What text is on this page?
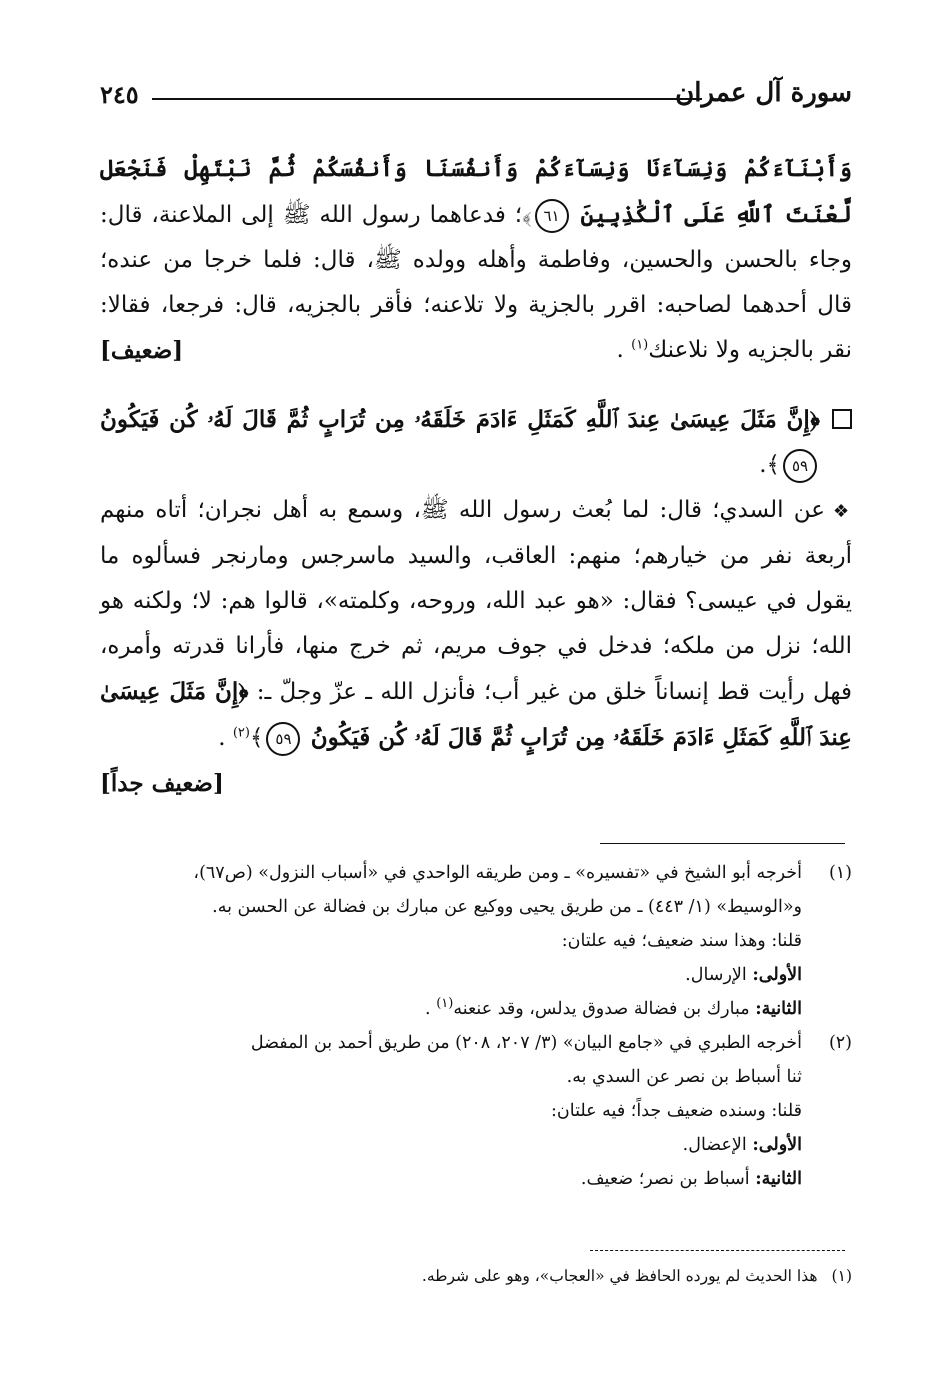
سورة آل عمران
٢٤٥

وَأَبْنَآءَكُمْ وَنِسَآءَنَا وَنِسَآءَكُمْ وَأَنفُسَنَا وَأَنفُسَكُمْ ثُمَّ نَبْتَهِلْ فَنَجْعَل لَّعْنَتَ ٱللَّهِ عَلَى ٱلْكَٰذِبِينَ ٦١﴾؛ فدعاهما رسول الله ﷺ إلى الملاعنة، قال: وجاء بالحسن والحسين، وفاطمة وأهله وولده ﷺ، قال: فلما خرجا من عنده؛ قال أحدهما لصاحبه: اقرر بالجزية ولا تلاعنه؛ فأقر بالجزيه، قال: فرجعا، فقالا: نقر بالجزيه ولا نلاعنك$^{(١)}$ .
[ضعيف]

﴿إِنَّ مَثَلَ عِيسَىٰ عِندَ ٱللَّهِ كَمَثَلِ ءَادَمَ خَلَقَهُۥ مِن تُرَابٍ ثُمَّ قَالَ لَهُۥ كُن فَيَكُونُ ٥٩﴾.

❖عن السدي؛ قال: لما بُعث رسول الله ﷺ، وسمع به أهل نجران؛ أتاه منهم أربعة نفر من خيارهم؛ منهم: العاقب، والسيد ماسرجس ومارنجر فسألوه ما يقول في عيسى؟ فقال: «هو عبد الله، وروحه، وكلمته»، قالوا هم: لا؛ ولكنه هو الله؛ نزل من ملكه؛ فدخل في جوف مريم، ثم خرج منها، فأرانا قدرته وأمره، فهل رأيت قط إنساناً خلق من غير أب؛ فأنزل الله ـ عزّ وجلّ ـ: ﴿إِنَّ مَثَلَ عِيسَىٰ عِندَ ٱللَّهِ كَمَثَلِ ءَادَمَ خَلَقَهُۥ مِن تُرَابٍ ثُمَّ قَالَ لَهُۥ كُن فَيَكُونُ ٥٩﴾$^{(٢)}$ .
[ضعيف جداً]

(١)
أخرجه أبو الشيخ في «تفسيره» ـ ومن طريقه الواحدي في «أسباب النزول» (ص٦٧)،
و«الوسيط» (١/ ٤٤٣) ـ من طريق يحيى ووكيع عن مبارك بن فضالة عن الحسن به.
قلنا: وهذا سند ضعيف؛ فيه علتان:
الأولى: الإرسال.
الثانية: مبارك بن فضالة صدوق يدلس، وقد عنعنه$^{(١)}$ .
(٢)
أخرجه الطبري في «جامع البيان» (٣/ ٢٠٧، ٢٠٨) من طريق أحمد بن المفضل
ثنا أسباط بن نصر عن السدي به.
قلنا: وسنده ضعيف جداً؛ فيه علتان:
الأولى: الإعضال.
الثانية: أسباط بن نصر؛ ضعيف.
(١)هذا الحديث لم يورده الحافظ في «العجاب»، وهو على شرطه.
